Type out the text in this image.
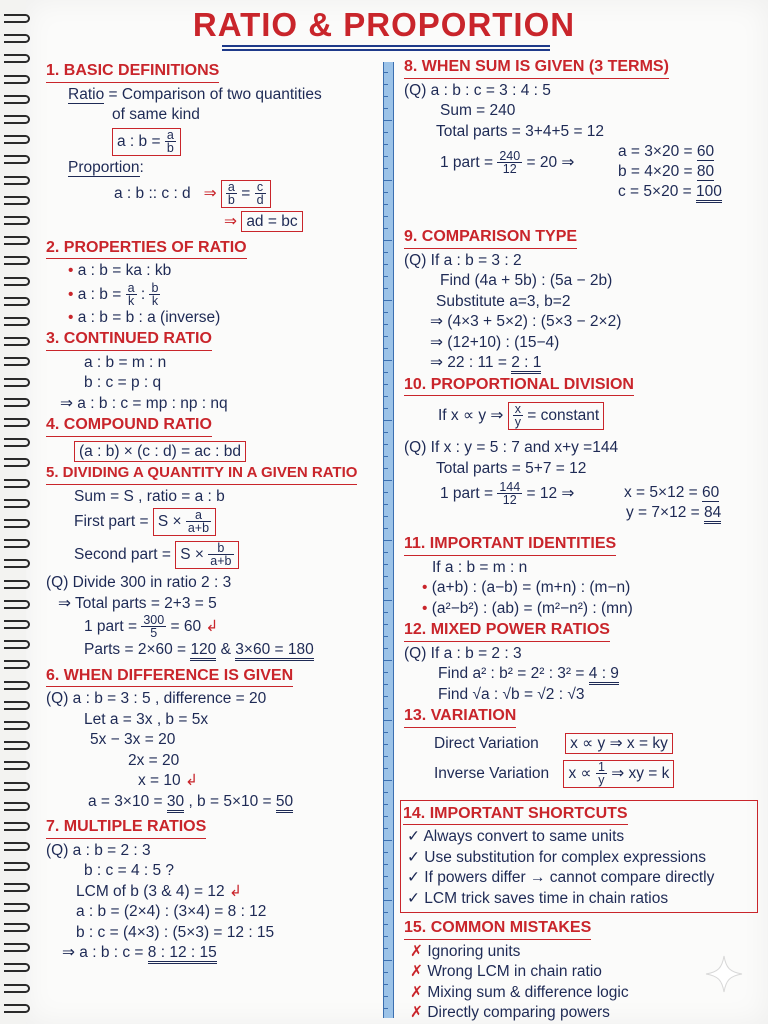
RATIO & PROPORTION
1. BASIC DEFINITIONS
Ratio = Comparison of two quantities
of same kind
a : $b = \frac{a}{b}$
Proportion:
a : b :: c : d ⇒ $\frac{a}{b} = \frac{c}{d}$
⇒ ad = bc
2. PROPERTIES OF RATIO
• a : b = ka : kb
• a : $b = \frac{a}{k}$ : $\frac{b}{k}$
• a : b = b : a (inverse)
3. CONTINUED RATIO
a : b = m : n
b : c = p : q
⇒ a : b : c = mp : np : nq
4. COMPOUND RATIO
(a : b) × (c : d) = ac : bd
5. DIVIDING A QUANTITY IN A GIVEN RATIO
Sum = S , ratio = a : b
First part = $S \times \frac{a}{a+b}$
Second part = $S \times \frac{b}{a+b}$
(Q) Divide 300 in ratio 2 : 3
⇒ Total parts = 2+3 = 5
1 part = $\frac{300}{5} = 60$ ↲
Parts = 2×60 = 120 & 3×60 = 180
6. WHEN DIFFERENCE IS GIVEN
(Q) a : b = 3 : 5 , difference = 20
Let a = 3x , b = 5x
5x − 3x = 20
2x = 20
x = 10 ↲
a = 3×10 = 30 , b = 5×10 = 50
7. MULTIPLE RATIOS
(Q) a : b = 2 : 3
b : c = 4 : 5 ?
LCM of b (3 & 4) = 12 ↲
a : b = (2×4) : (3×4) = 8 : 12
b : c = (4×3) : (5×3) = 12 : 15
⇒ a : b : c = 8 : 12 : 15
8. WHEN SUM IS GIVEN (3 TERMS)
(Q) a : b : c = 3 : 4 : 5
Sum = 240
Total parts = 3+4+5 = 12
1 part = $\frac{240}{12} = 20$ ⇒
a = 3×20 = 60
b = 4×20 = 80
c = 5×20 = 100
9. COMPARISON TYPE
(Q) If a : b = 3 : 2
Find (4a + 5b) : (5a − 2b)
Substitute a=3, b=2
⇒ (4×3 + 5×2) : (5×3 − 2×2)
⇒ (12+10) : (15−4)
⇒ 22 : 11 = 2 : 1
10. PROPORTIONAL DIVISION
If x ∝ y ⇒ $\frac{x}{y}$ = constant
(Q) If x : y = 5 : 7 and x+y =144
Total parts = 5+7 = 12
1 part = $\frac{144}{12} = 12$ ⇒	x = 5×12 = 60
y = 7×12 = 84
11. IMPORTANT IDENTITIES
If a : b = m : n
• (a+b) : (a−b) = (m+n) : (m−n)
• (a²−b²) : (ab) = (m²−n²) : (mn)
12. MIXED POWER RATIOS
(Q) If a : b = 2 : 3
Find a² : b² = 2² : 3² = 4 : 9
Find √a : √b = √2 : √3
13. VARIATION
Direct Variation x ∝ y ⇒ x = ky
Inverse Variation $x \propto \frac{1}{y}$ ⇒ xy = k
14. IMPORTANT SHORTCUTS
✓ Always convert to same units
✓ Use substitution for complex expressions
✓ If powers differ → cannot compare directly
✓ LCM trick saves time in chain ratios
15. COMMON MISTAKES
✗ Ignoring units
✗ Wrong LCM in chain ratio
✗ Mixing sum & difference logic
✗ Directly comparing powers
